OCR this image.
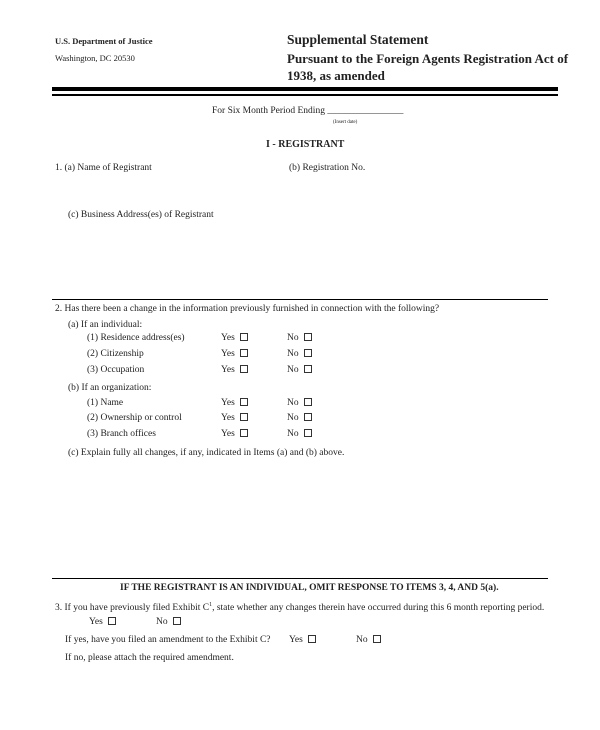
U.S. Department of Justice
Washington, DC 20530
Supplemental Statement
Pursuant to the Foreign Agents Registration Act of
1938, as amended
For Six Month Period Ending ________________
(Insert date)
I - REGISTRANT
1. (a) Name of Registrant	(b) Registration No.
(c) Business Address(es) of Registrant
2. Has there been a change in the information previously furnished in connection with the following?
(a) If an individual:
(1) Residence address(es)	Yes	No
(2) Citizenship	Yes	No
(3) Occupation	Yes	No
(b) If an organization:
(1) Name	Yes	No
(2) Ownership or control	Yes	No
(3) Branch offices	Yes	No
(c) Explain fully all changes, if any, indicated in Items (a) and (b) above.
IF THE REGISTRANT IS AN INDIVIDUAL, OMIT RESPONSE TO ITEMS 3, 4, AND 5(a).
3. If you have previously filed Exhibit $C^1$, state whether any changes therein have occurred during this 6 month reporting period.
Yes	No
If yes, have you filed an amendment to the Exhibit C? Yes	No
If no, please attach the required amendment.
